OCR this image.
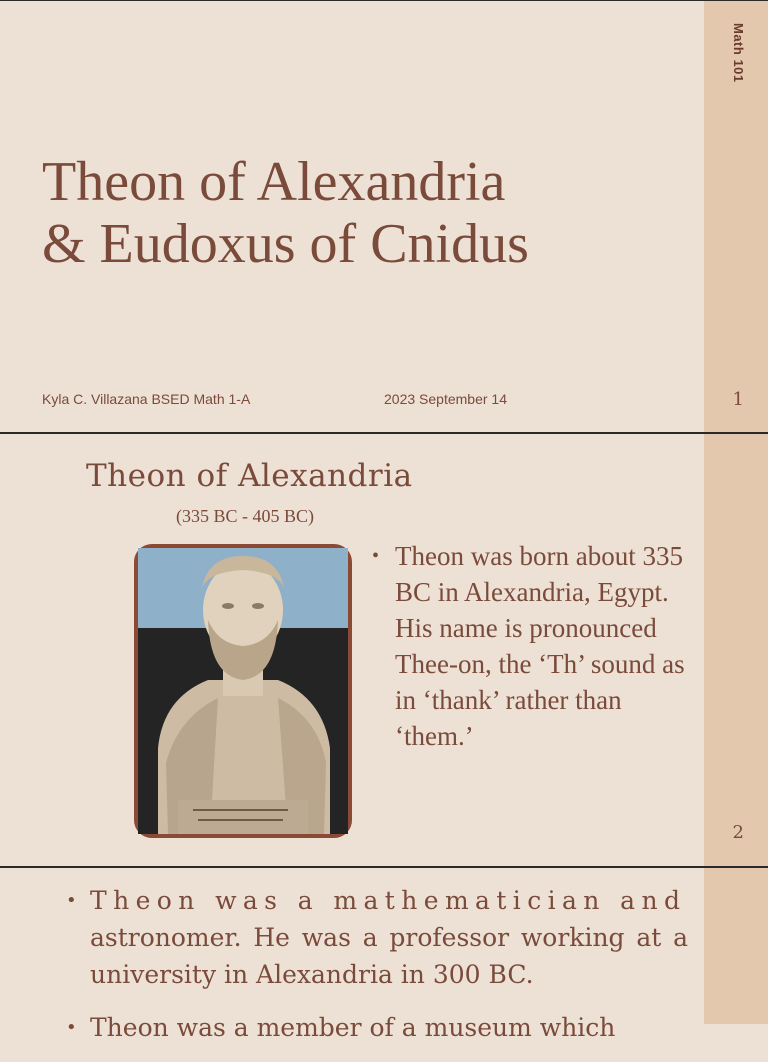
Math 101
Theon of Alexandria
& Eudoxus of Cnidus
Kyla C. Villazana BSED Math 1-A	2023 September 14	1
Theon of Alexandria
(335 BC - 405 BC)
• Theon was born about 335 BC in Alexandria, Egypt. His name is pronounced Thee-on, the ‘Th’ sound as in ‘thank’ rather than ‘them.’
2
• Theon was a mathematician and
astronomer. He was a professor working at a university in Alexandria in 300 BC.
• Theon was a member of a museum which
